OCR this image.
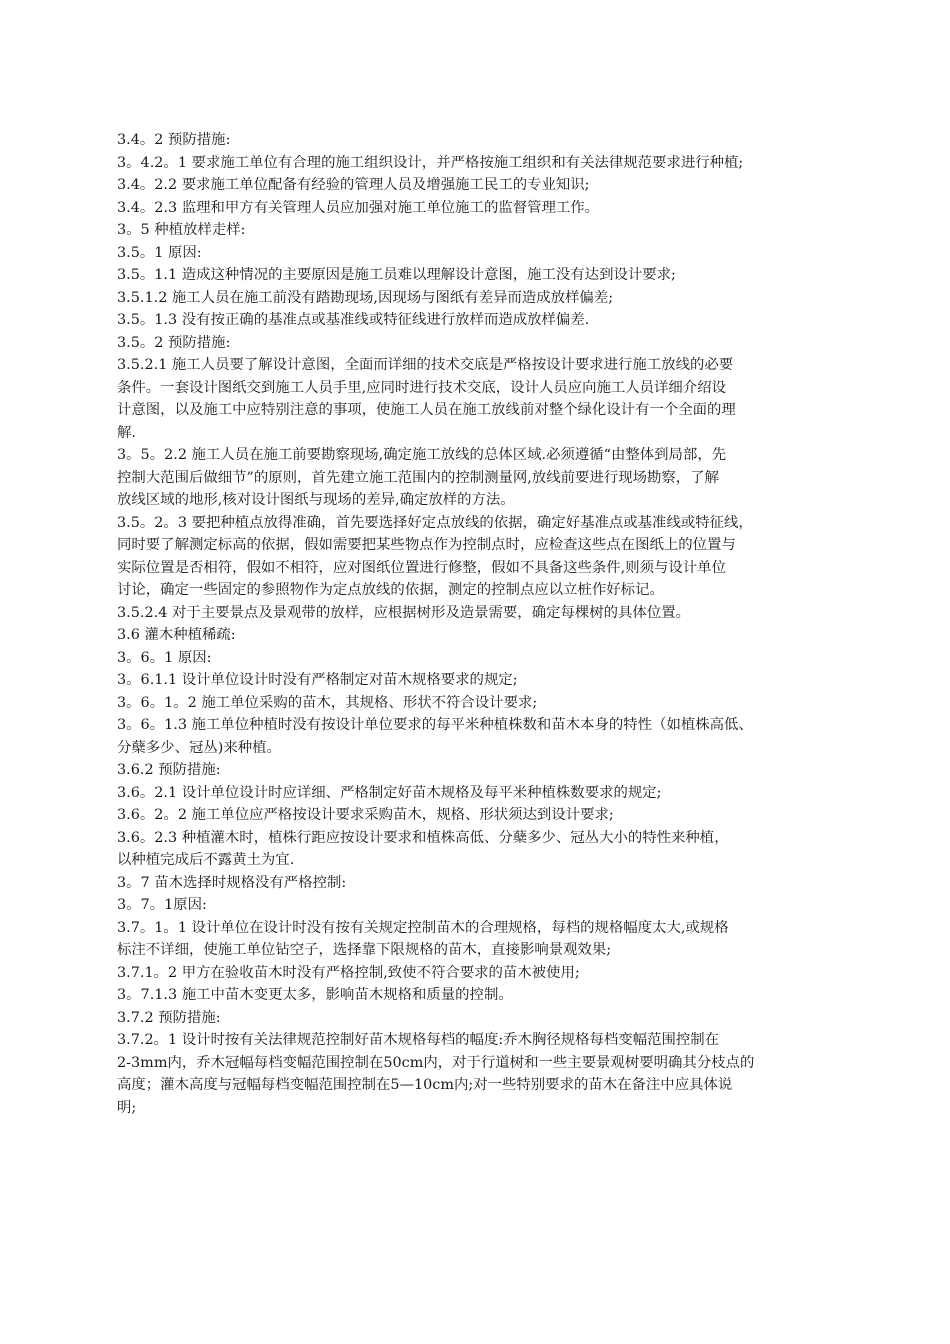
3.4。2 预防措施:
3。4.2。1 要求施工单位有合理的施工组织设计，并严格按施工组织和有关法律规范要求进行种植;
3.4。2.2 要求施工单位配备有经验的管理人员及增强施工民工的专业知识;
3.4。2.3 监理和甲方有关管理人员应加强对施工单位施工的监督管理工作。
3。5 种植放样走样:
3.5。1 原因:
3.5。1.1 造成这种情况的主要原因是施工员难以理解设计意图，施工没有达到设计要求;
3.5.1.2 施工人员在施工前没有踏勘现场,因现场与图纸有差异而造成放样偏差;
3.5。1.3 没有按正确的基准点或基准线或特征线进行放样而造成放样偏差.
3.5。2 预防措施:
3.5.2.1 施工人员要了解设计意图，全面而详细的技术交底是严格按设计要求进行施工放线的必要
条件。一套设计图纸交到施工人员手里,应同时进行技术交底，设计人员应向施工人员详细介绍设
计意图，以及施工中应特别注意的事项，使施工人员在施工放线前对整个绿化设计有一个全面的理
解.
3。5。2.2 施工人员在施工前要勘察现场,确定施工放线的总体区域.必须遵循“由整体到局部，先
控制大范围后做细节”的原则，首先建立施工范围内的控制测量网,放线前要进行现场勘察，了解
放线区域的地形,核对设计图纸与现场的差异,确定放样的方法。
3.5。2。3 要把种植点放得准确，首先要选择好定点放线的依据，确定好基准点或基准线或特征线，
同时要了解测定标高的依据，假如需要把某些物点作为控制点时，应检查这些点在图纸上的位置与
实际位置是否相符，假如不相符，应对图纸位置进行修整，假如不具备这些条件,则须与设计单位
讨论，确定一些固定的参照物作为定点放线的依据，测定的控制点应以立桩作好标记。
3.5.2.4 对于主要景点及景观带的放样，应根据树形及造景需要，确定每棵树的具体位置。
3.6 灌木种植稀疏:
3。6。1 原因:
3。6.1.1 设计单位设计时没有严格制定对苗木规格要求的规定;
3。6。1。2 施工单位采购的苗木，其规格、形状不符合设计要求;
3。6。1.3 施工单位种植时没有按设计单位要求的每平米种植株数和苗木本身的特性（如植株高低、
分蘖多少、冠丛)来种植。
3.6.2 预防措施:
3.6。2.1 设计单位设计时应详细、严格制定好苗木规格及每平米种植株数要求的规定;
3.6。2。2 施工单位应严格按设计要求采购苗木，规格、形状须达到设计要求;
3.6。2.3 种植灌木时，植株行距应按设计要求和植株高低、分蘖多少、冠丛大小的特性来种植，
以种植完成后不露黄土为宜.
3。7 苗木选择时规格没有严格控制:
3。7。1原因:
3.7。1。1 设计单位在设计时没有按有关规定控制苗木的合理规格，每档的规格幅度太大,或规格
标注不详细，使施工单位钻空子，选择靠下限规格的苗木，直接影响景观效果;
3.7.1。2 甲方在验收苗木时没有严格控制,致使不符合要求的苗木被使用;
3。7.1.3 施工中苗木变更太多，影响苗木规格和质量的控制。
3.7.2 预防措施:
3.7.2。1 设计时按有关法律规范控制好苗木规格每档的幅度:乔木胸径规格每档变幅范围控制在
2-3mm内，乔木冠幅每档变幅范围控制在50cm内，对于行道树和一些主要景观树要明确其分枝点的
高度；灌木高度与冠幅每档变幅范围控制在5—10cm内;对一些特别要求的苗木在备注中应具体说
明;
